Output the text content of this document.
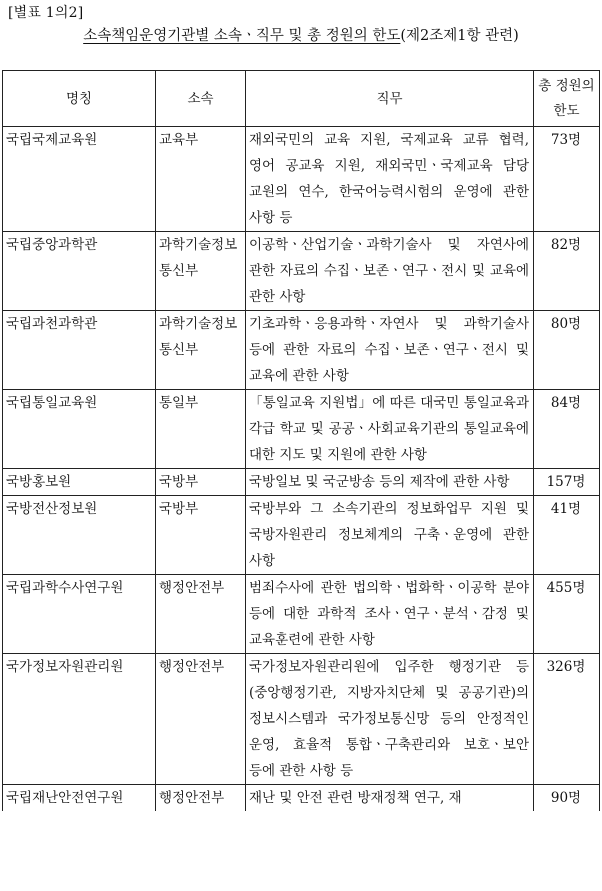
[별표 1의2]
소속책임운영기관별 소속ㆍ직무 및 총 정원의 한도(제2조제1항 관련)
명칭	소속	직무	총 정원의 한도
국립국제교육원	교육부	재외국민의 교육 지원, 국제교육 교류 협력, 영어 공교육 지원, 재외국민ㆍ국제교육 담당 교원의 연수, 한국어능력시험의 운영에 관한 사항 등	73명
국립중앙과학관	과학기술정보통신부	이공학ㆍ산업기술ㆍ과학기술사 및 자연사에 관한 자료의 수집ㆍ보존ㆍ연구ㆍ전시 및 교육에 관한 사항	82명
국립과천과학관	과학기술정보통신부	기초과학ㆍ응용과학ㆍ자연사 및 과학기술사 등에 관한 자료의 수집ㆍ보존ㆍ연구ㆍ전시 및 교육에 관한 사항	80명
국립통일교육원	통일부	「통일교육 지원법」에 따른 대국민 통일교육과 각급 학교 및 공공ㆍ사회교육기관의 통일교육에 대한 지도 및 지원에 관한 사항	84명
국방홍보원	국방부	국방일보 및 국군방송 등의 제작에 관한 사항	157명
국방전산정보원	국방부	국방부와 그 소속기관의 정보화업무 지원 및 국방자원관리 정보체계의 구축ㆍ운영에 관한 사항	41명
국립과학수사연구원	행정안전부	범죄수사에 관한 법의학ㆍ법화학ㆍ이공학 분야 등에 대한 과학적 조사ㆍ연구ㆍ분석ㆍ감정 및 교육훈련에 관한 사항	455명
국가정보자원관리원	행정안전부	국가정보자원관리원에 입주한 행정기관 등(중앙행정기관, 지방자치단체 및 공공기관)의 정보시스템과 국가정보통신망 등의 안정적인 운영, 효율적 통합ㆍ구축관리와 보호ㆍ보안 등에 관한 사항 등	326명
국립재난안전연구원	행정안전부	재난 및 안전 관련 방재정책 연구, 재	90명
